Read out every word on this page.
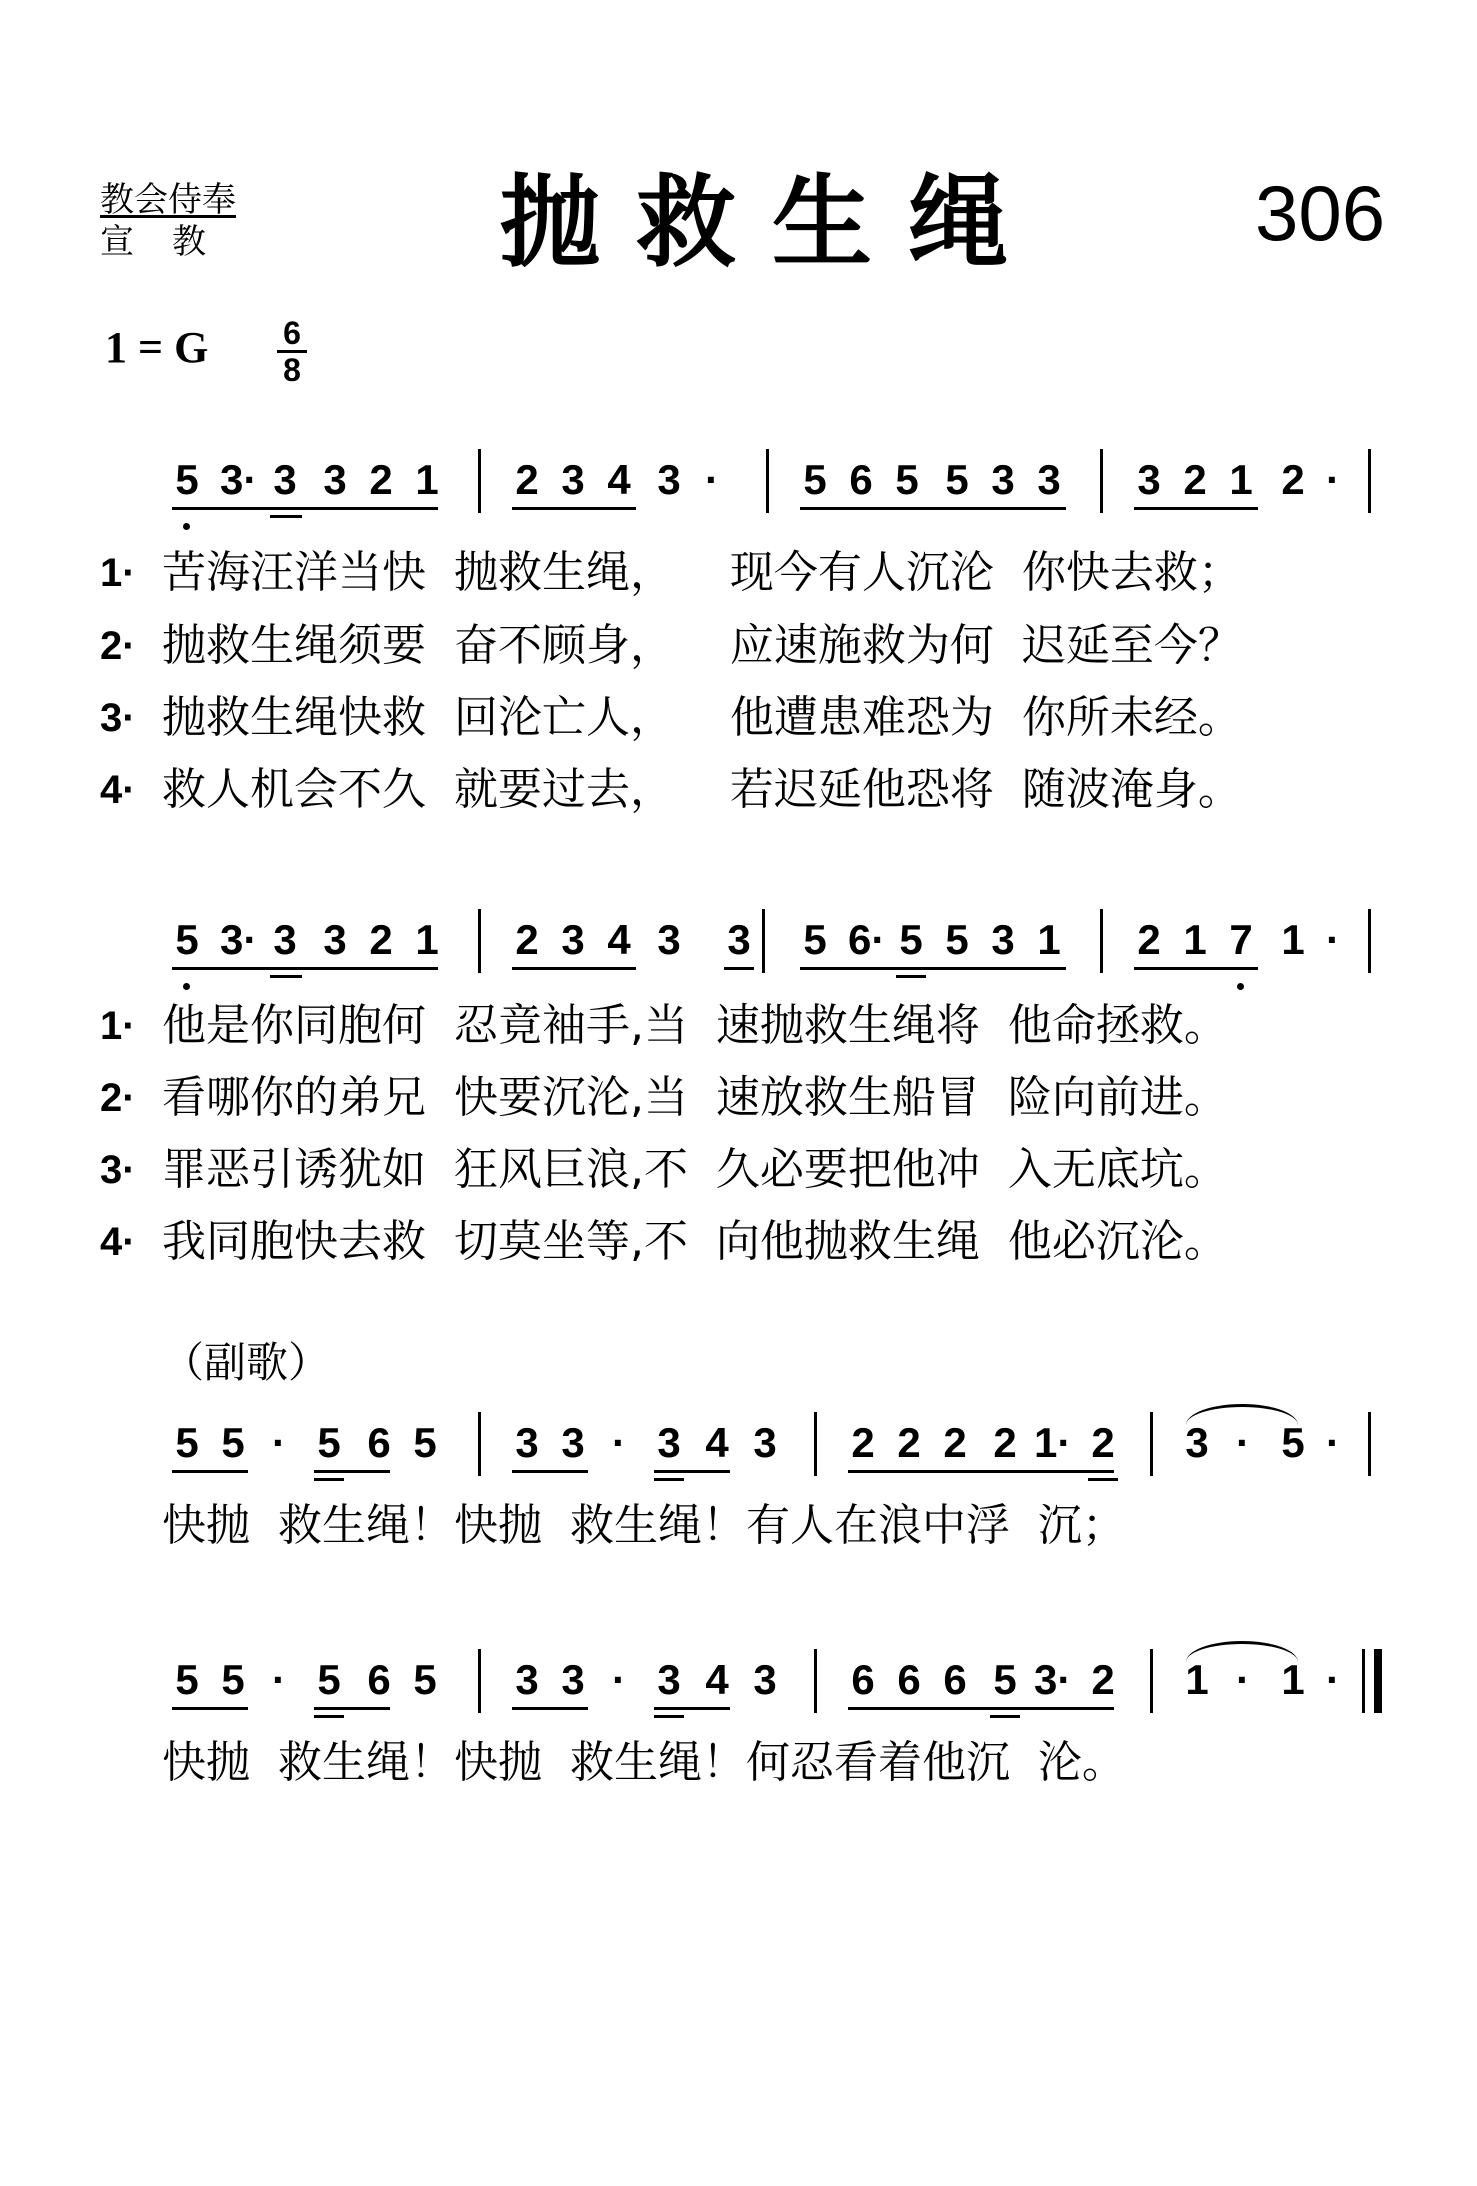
教会侍奉
宣教	抛救生绳	306
1 = G 6
8
5 3· 3 3 2 1 2 3 4 3 · 5 6 5 5 3 3 3 2 1 2 ·
1· 苦海汪洋当快  抛救生绳，    现今有人沉沦  你快去救；
2· 抛救生绳须要  奋不顾身，    应速施救为何  迟延至今？
3· 抛救生绳快救  回沦亡人，    他遭患难恐为  你所未经。
4· 救人机会不久  就要过去，    若迟延他恐将  随波淹身。
5 3· 3 3 2 1 2 3 4 3 3 5 6· 5 5 3 1 2 1 7 1 ·
1· 他是你同胞何  忍竟袖手,当  速抛救生绳将  他命拯救。
2· 看哪你的弟兄  快要沉沦,当  速放救生船冒  险向前进。
3· 罪恶引诱犹如  狂风巨浪,不  久必要把他冲  入无底坑。
4· 我同胞快去救  切莫坐等,不  向他抛救生绳  他必沉沦。
（副歌）
5 5 · 5 6 5 3 3 · 3 4 3 2 2 2 2 1· 2 3 · 5 ·
快抛  救生绳！快抛  救生绳！有人在浪中浮  沉；
5 5 · 5 6 5 3 3 · 3 4 3 6 6 6 5 3· 2 1 · 1 ·
快抛  救生绳！快抛  救生绳！何忍看着他沉  沦。
